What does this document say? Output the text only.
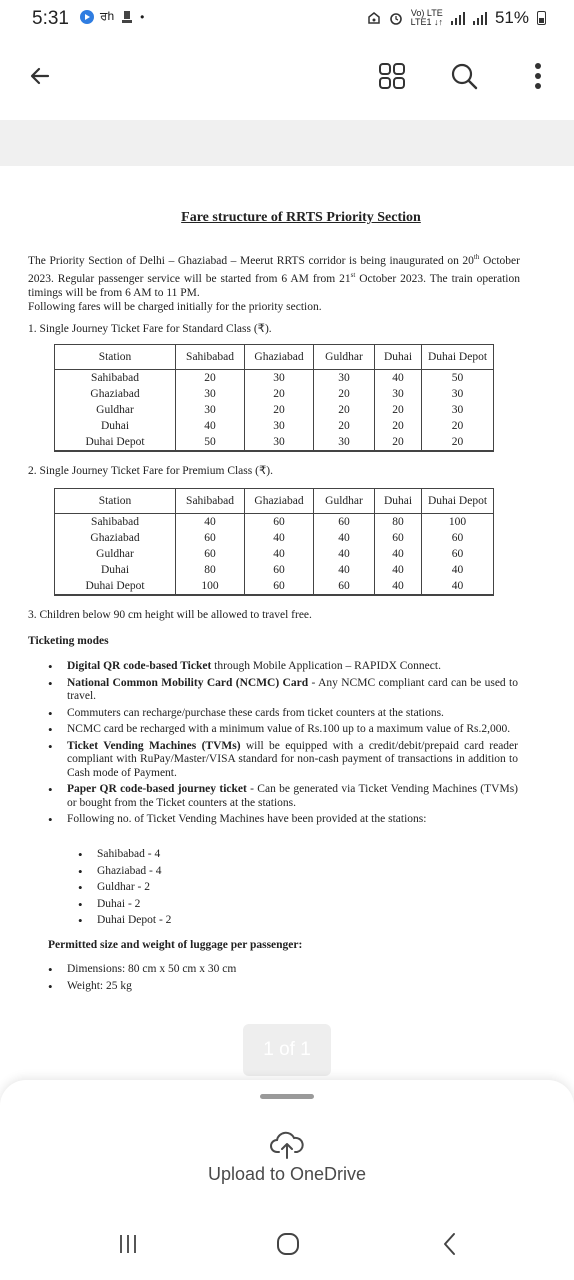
5:31	ਰh •	Vo) LTE
LTE1 ↓↑	51%
Fare structure of RRTS Priority Section
The Priority Section of Delhi – Ghaziabad – Meerut RRTS corridor is being inaugurated on 20th October 2023. Regular passenger service will be started from 6 AM from 21st October 2023. The train operation timings will be from 6 AM to 11 PM.
Following fares will be charged initially for the priority section.
1. Single Journey Ticket Fare for Standard Class (₹).
Station	Sahibabad	Ghaziabad	Guldhar	Duhai	Duhai Depot
Sahibabad	20	30	30	40	50
Ghaziabad	30	20	20	30	30
Guldhar	30	20	20	20	30
Duhai	40	30	20	20	20
Duhai Depot	50	30	30	20	20
2. Single Journey Ticket Fare for Premium Class (₹).
Station	Sahibabad	Ghaziabad	Guldhar	Duhai	Duhai Depot
Sahibabad	40	60	60	80	100
Ghaziabad	60	40	40	60	60
Guldhar	60	40	40	40	60
Duhai	80	60	40	40	40
Duhai Depot	100	60	60	40	40
3. Children below 90 cm height will be allowed to travel free.
Ticketing modes
• Digital QR code-based Ticket through Mobile Application – RAPIDX Connect.
• National Common Mobility Card (NCMC) Card - Any NCMC compliant card can be used to travel.
• Commuters can recharge/purchase these cards from ticket counters at the stations.
• NCMC card be recharged with a minimum value of Rs.100 up to a maximum value of Rs.2,000.
• Ticket Vending Machines (TVMs) will be equipped with a credit/debit/prepaid card reader compliant with RuPay/Master/VISA standard for non-cash payment of transactions in addition to Cash mode of Payment.
• Paper QR code-based journey ticket - Can be generated via Ticket Vending Machines (TVMs) or bought from the Ticket counters at the stations.
• Following no. of Ticket Vending Machines have been provided at the stations:
• Sahibabad - 4
• Ghaziabad - 4
• Guldhar - 2
• Duhai - 2
• Duhai Depot - 2
Permitted size and weight of luggage per passenger:
• Dimensions: 80 cm x 50 cm x 30 cm
• Weight: 25 kg
1 of 1
Upload to OneDrive
